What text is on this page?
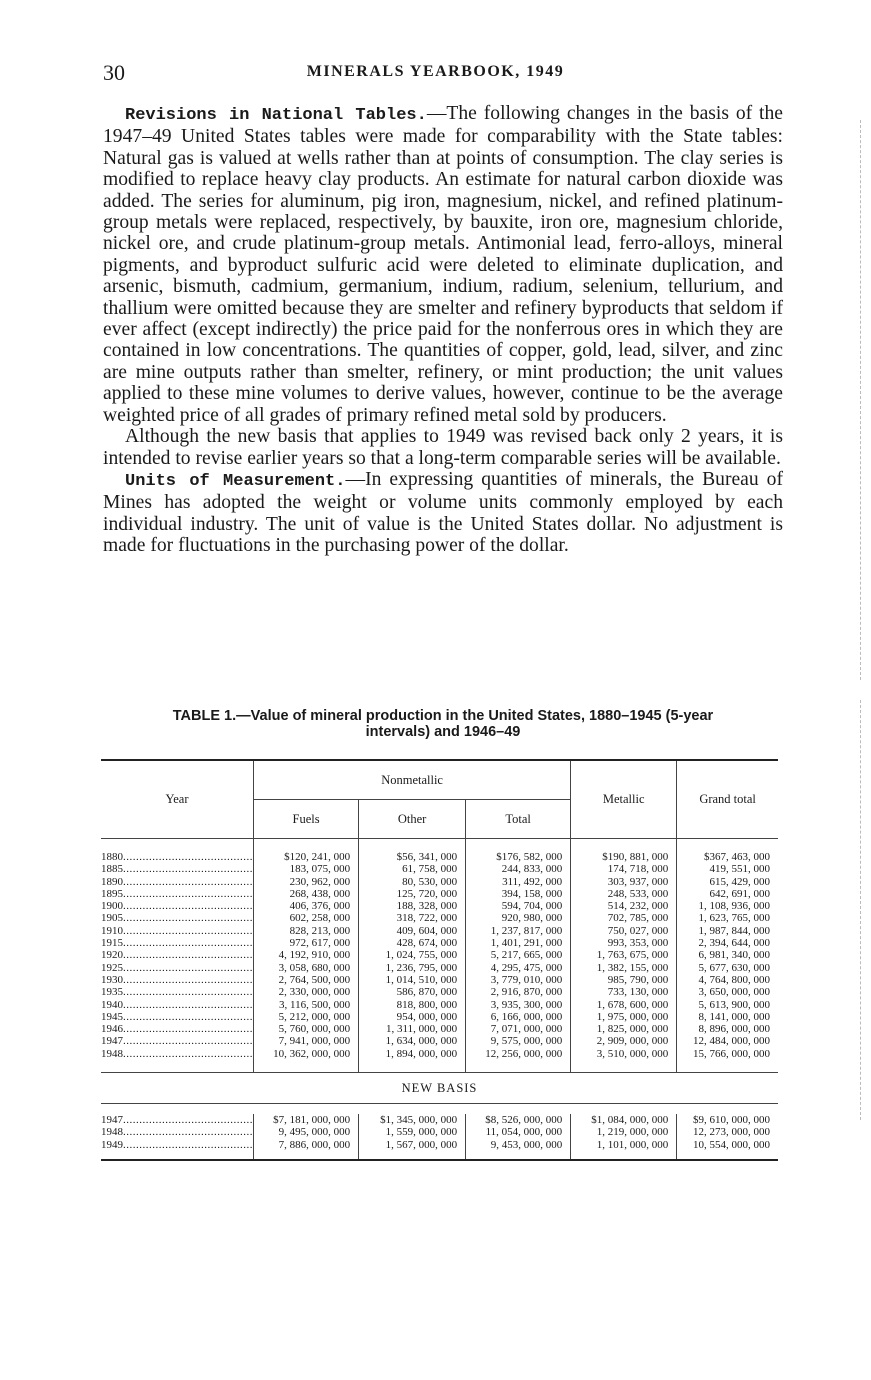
30	MINERALS YEARBOOK, 1949

Revisions in National Tables.—The following changes in the basis of the 1947–49 United States tables were made for comparability with the State tables: Natural gas is valued at wells rather than at points of consumption. The clay series is modified to replace heavy clay products. An estimate for natural carbon dioxide was added. The series for aluminum, pig iron, magnesium, nickel, and refined platinum-group metals were replaced, respectively, by bauxite, iron ore, magnesium chloride, nickel ore, and crude platinum-group metals. Antimonial lead, ferro-alloys, mineral pigments, and byproduct sulfuric acid were deleted to eliminate duplication, and arsenic, bismuth, cadmium, germanium, indium, radium, selenium, tellurium, and thallium were omitted because they are smelter and refinery byproducts that seldom if ever affect (except indirectly) the price paid for the nonferrous ores in which they are contained in low concentrations. The quantities of copper, gold, lead, silver, and zinc are mine outputs rather than smelter, refinery, or mint production; the unit values applied to these mine volumes to derive values, however, continue to be the average weighted price of all grades of primary refined metal sold by producers.

Although the new basis that applies to 1949 was revised back only 2 years, it is intended to revise earlier years so that a long-term comparable series will be available.

Units of Measurement.—In expressing quantities of minerals, the Bureau of Mines has adopted the weight or volume units commonly employed by each individual industry. The unit of value is the United States dollar. No adjustment is made for fluctuations in the purchasing power of the dollar.

TABLE 1.—Value of mineral production in the United States, 1880–1945 (5-year
intervals) and 1946–49
Year	Nonmetallic			Metallic	Grand total
	Fuels	Other	Total		

1880........................................	$120, 241, 000	$56, 341, 000	$176, 582, 000	$190, 881, 000	$367, 463, 000
1885........................................	183, 075, 000	61, 758, 000	244, 833, 000	174, 718, 000	419, 551, 000
1890........................................	230, 962, 000	80, 530, 000	311, 492, 000	303, 937, 000	615, 429, 000
1895........................................	268, 438, 000	125, 720, 000	394, 158, 000	248, 533, 000	642, 691, 000
1900........................................	406, 376, 000	188, 328, 000	594, 704, 000	514, 232, 000	1, 108, 936, 000
1905........................................	602, 258, 000	318, 722, 000	920, 980, 000	702, 785, 000	1, 623, 765, 000
1910........................................	828, 213, 000	409, 604, 000	1, 237, 817, 000	750, 027, 000	1, 987, 844, 000
1915........................................	972, 617, 000	428, 674, 000	1, 401, 291, 000	993, 353, 000	2, 394, 644, 000
1920........................................	4, 192, 910, 000	1, 024, 755, 000	5, 217, 665, 000	1, 763, 675, 000	6, 981, 340, 000
1925........................................	3, 058, 680, 000	1, 236, 795, 000	4, 295, 475, 000	1, 382, 155, 000	5, 677, 630, 000
1930........................................	2, 764, 500, 000	1, 014, 510, 000	3, 779, 010, 000	985, 790, 000	4, 764, 800, 000
1935........................................	2, 330, 000, 000	586, 870, 000	2, 916, 870, 000	733, 130, 000	3, 650, 000, 000
1940........................................	3, 116, 500, 000	818, 800, 000	3, 935, 300, 000	1, 678, 600, 000	5, 613, 900, 000
1945........................................	5, 212, 000, 000	954, 000, 000	6, 166, 000, 000	1, 975, 000, 000	8, 141, 000, 000
1946........................................	5, 760, 000, 000	1, 311, 000, 000	7, 071, 000, 000	1, 825, 000, 000	8, 896, 000, 000
1947........................................	7, 941, 000, 000	1, 634, 000, 000	9, 575, 000, 000	2, 909, 000, 000	12, 484, 000, 000
1948........................................	10, 362, 000, 000	1, 894, 000, 000	12, 256, 000, 000	3, 510, 000, 000	15, 766, 000, 000

NEW BASIS					

1947........................................	$7, 181, 000, 000	$1, 345, 000, 000	$8, 526, 000, 000	$1, 084, 000, 000	$9, 610, 000, 000
1948........................................	9, 495, 000, 000	1, 559, 000, 000	11, 054, 000, 000	1, 219, 000, 000	12, 273, 000, 000
1949........................................	7, 886, 000, 000	1, 567, 000, 000	9, 453, 000, 000	1, 101, 000, 000	10, 554, 000, 000
